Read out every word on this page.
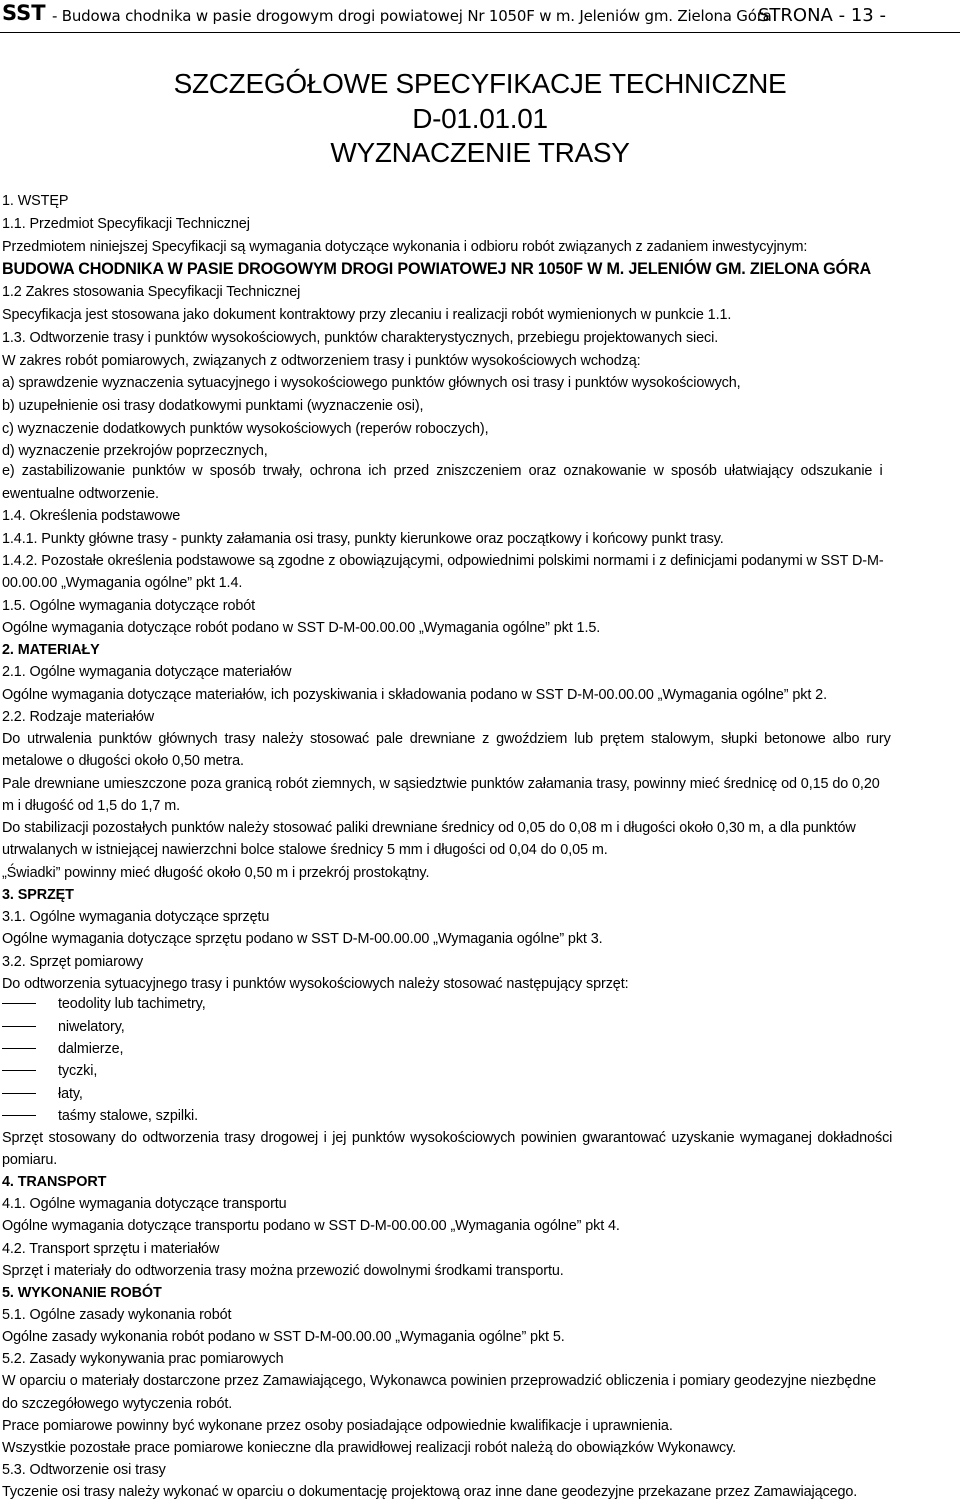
SST - Budowa chodnika w pasie drogowym drogi powiatowej Nr 1050F w m. Jeleniów gm. Zielona Góra
STRONA - 13 -
SZCZEGÓŁOWE SPECYFIKACJE TECHNICZNE
D-01.01.01
WYZNACZENIE TRASY
1. WSTĘP
1.1. Przedmiot Specyfikacji Technicznej
Przedmiotem niniejszej Specyfikacji są wymagania dotyczące wykonania i odbioru robót związanych z zadaniem inwestycyjnym:
BUDOWA CHODNIKA W PASIE DROGOWYM DROGI POWIATOWEJ NR 1050F W M. JELENIÓW GM. ZIELONA GÓRA
1.2 Zakres stosowania Specyfikacji Technicznej
Specyfikacja jest stosowana jako dokument kontraktowy przy zlecaniu i realizacji robót wymienionych w punkcie 1.1.
1.3. Odtworzenie trasy i punktów wysokościowych, punktów charakterystycznych, przebiegu projektowanych sieci.
W zakres robót pomiarowych, związanych z odtworzeniem trasy i punktów wysokościowych wchodzą:
a) sprawdzenie wyznaczenia sytuacyjnego i wysokościowego punktów głównych osi trasy i punktów wysokościowych,
b) uzupełnienie osi trasy dodatkowymi punktami (wyznaczenie osi),
c) wyznaczenie dodatkowych punktów wysokościowych (reperów roboczych),
d) wyznaczenie przekrojów poprzecznych,
e) zastabilizowanie punktów w sposób trwały, ochrona ich przed zniszczeniem oraz oznakowanie w sposób ułatwiający odszukanie i
ewentualne odtworzenie.
1.4. Określenia podstawowe
1.4.1. Punkty główne trasy - punkty załamania osi trasy, punkty kierunkowe oraz początkowy i końcowy punkt trasy.
1.4.2. Pozostałe określenia podstawowe są zgodne z obowiązującymi, odpowiednimi polskimi normami i z definicjami podanymi w SST D-M-
00.00.00 „Wymagania ogólne” pkt 1.4.
1.5. Ogólne wymagania dotyczące robót
Ogólne wymagania dotyczące robót podano w SST D-M-00.00.00 „Wymagania ogólne” pkt 1.5.
2. MATERIAŁY
2.1. Ogólne wymagania dotyczące materiałów
Ogólne wymagania dotyczące materiałów, ich pozyskiwania i składowania podano w SST D-M-00.00.00 „Wymagania ogólne” pkt 2.
2.2. Rodzaje materiałów
Do utrwalenia punktów głównych trasy należy stosować pale drewniane z gwoździem lub prętem stalowym, słupki betonowe albo rury
metalowe o długości około 0,50 metra.
Pale drewniane umieszczone poza granicą robót ziemnych, w sąsiedztwie punktów załamania trasy, powinny mieć średnicę od 0,15 do 0,20
m i długość od 1,5 do 1,7 m.
Do stabilizacji pozostałych punktów należy stosować paliki drewniane średnicy od 0,05 do 0,08 m i długości około 0,30 m, a dla punktów
utrwalanych w istniejącej nawierzchni bolce stalowe średnicy 5 mm i długości od 0,04 do 0,05 m.
„Świadki” powinny mieć długość około 0,50 m i przekrój prostokątny.
3. SPRZĘT
3.1. Ogólne wymagania dotyczące sprzętu
Ogólne wymagania dotyczące sprzętu podano w SST D-M-00.00.00 „Wymagania ogólne” pkt 3.
3.2. Sprzęt pomiarowy
Do odtworzenia sytuacyjnego trasy i punktów wysokościowych należy stosować następujący sprzęt:
teodolity lub tachimetry,
niwelatory,
dalmierze,
tyczki,
łaty,
taśmy stalowe, szpilki.
Sprzęt stosowany do odtworzenia trasy drogowej i jej punktów wysokościowych powinien gwarantować uzyskanie wymaganej dokładności
pomiaru.
4. TRANSPORT
4.1. Ogólne wymagania dotyczące transportu
Ogólne wymagania dotyczące transportu podano w SST D-M-00.00.00 „Wymagania ogólne” pkt 4.
4.2. Transport sprzętu i materiałów
Sprzęt i materiały do odtworzenia trasy można przewozić dowolnymi środkami transportu.
5. WYKONANIE ROBÓT
5.1. Ogólne zasady wykonania robót
Ogólne zasady wykonania robót podano w SST D-M-00.00.00 „Wymagania ogólne” pkt 5.
5.2. Zasady wykonywania prac pomiarowych
W oparciu o materiały dostarczone przez Zamawiającego, Wykonawca powinien przeprowadzić obliczenia i pomiary geodezyjne niezbędne
do szczegółowego wytyczenia robót.
Prace pomiarowe powinny być wykonane przez osoby posiadające odpowiednie kwalifikacje i uprawnienia.
Wszystkie pozostałe prace pomiarowe konieczne dla prawidłowej realizacji robót należą do obowiązków Wykonawcy.
5.3. Odtworzenie osi trasy
Tyczenie osi trasy należy wykonać w oparciu o dokumentację projektową oraz inne dane geodezyjne przekazane przez Zamawiającego.
